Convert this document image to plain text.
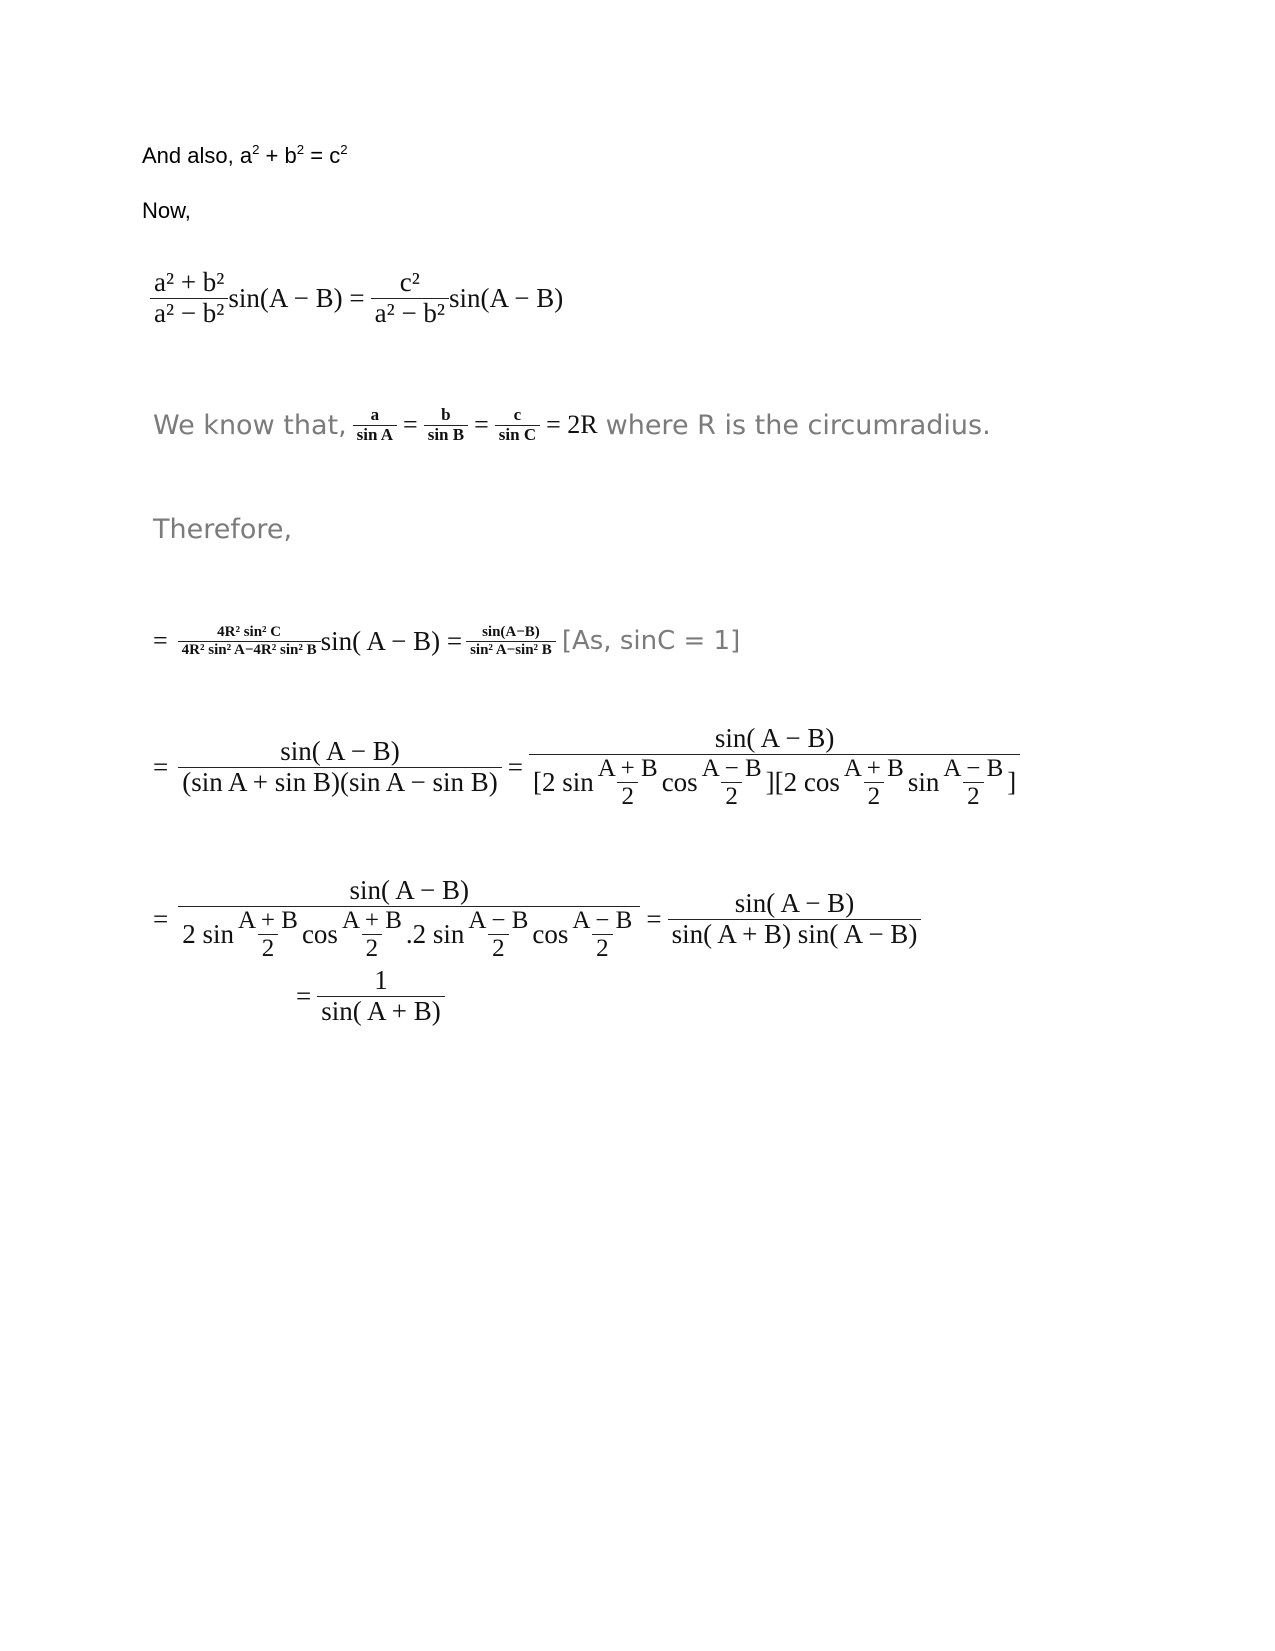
And also, $a^2 + b^2 = c^2$
Now,
$\frac{\text{a² + b²}}{\text{a² − b²}} \sin(A - B) = \frac{\text{c²}}{\text{a² − b²}} \sin(A - B)$
We know that, $\frac{a}{\text{sin A}} = \frac{b}{\text{sin B}} = \frac{c}{\text{sin C}} = 2R$ where R is the circumradius.
Therefore,
= $\frac{\text{4R² sin² C}}{\text{4R² sin² A−4R² sin² B}} \sin$( $A - B) = \frac{\sin(A-B)}{\text{sin² A−sin² B}} [As$, sinC = 1]
= $\frac{\sin( A - B)}{\text{(sin A + sin B)(sin A − sin B)}}$ =
sin( A − B)
[2 $\sin \frac{A + B}{2}$ $\cos \frac{A - B}{2} ][2$ $\cos \frac{A + B}{2}$ $\sin \frac{A - B}{2}$ ]
=
sin( A − B)
2 $\sin \frac{A + B}{2}$ $\cos \frac{A + B}{2} .2$ $\sin \frac{A - B}{2}$ $\cos \frac{A - B}{2} = \frac{\sin( A - B)}{\sin( A + B) \sin( A - B)}$
= $\frac{1}{\sin( A + B)}$
